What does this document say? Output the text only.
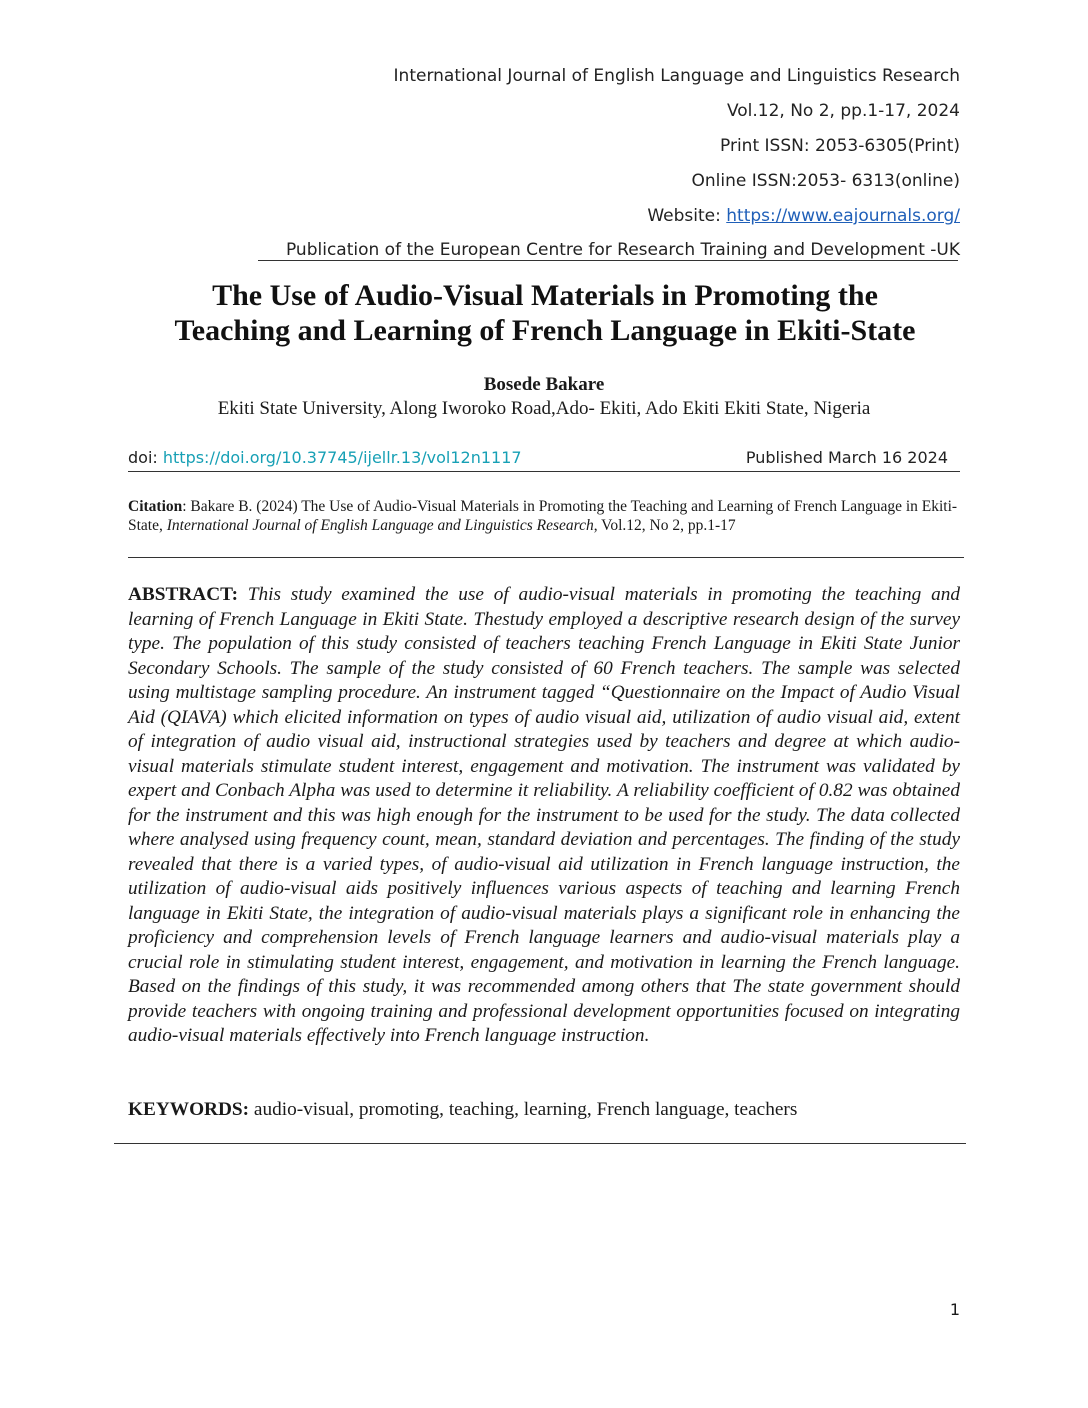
International Journal of English Language and Linguistics Research
Vol.12, No 2, pp.1-17, 2024
Print ISSN: 2053-6305(Print)
Online ISSN:2053- 6313(online)
Website: https://www.eajournals.org/
Publication of the European Centre for Research Training and Development -UK
The Use of Audio-Visual Materials in Promoting the
Teaching and Learning of French Language in Ekiti-State
Bosede Bakare
Ekiti State University, Along Iworoko Road,Ado- Ekiti, Ado Ekiti Ekiti State, Nigeria
doi: https://doi.org/10.37745/ijellr.13/vol12n1117	Published March 16 2024
Citation: Bakare B. (2024) The Use of Audio-Visual Materials in Promoting the Teaching and Learning of French Language in Ekiti-State, International Journal of English Language and Linguistics Research, Vol.12, No 2, pp.1-17
ABSTRACT: This study examined the use of audio-visual materials in promoting the teaching and learning of French Language in Ekiti State. Thestudy employed a descriptive research design of the survey type. The population of this study consisted of teachers teaching French Language in Ekiti State Junior Secondary Schools. The sample of the study consisted of 60 French teachers. The sample was selected using multistage sampling procedure. An instrument tagged “Questionnaire on the Impact of Audio Visual Aid (QIAVA) which elicited information on types of audio visual aid, utilization of audio visual aid, extent of integration of audio visual aid, instructional strategies used by teachers and degree at which audio-visual materials stimulate student interest, engagement and motivation. The instrument was validated by expert and Conbach Alpha was used to determine it reliability. A reliability coefficient of 0.82 was obtained for the instrument and this was high enough for the instrument to be used for the study. The data collected where analysed using frequency count, mean, standard deviation and percentages. The finding of the study revealed that there is a varied types, of audio-visual aid utilization in French language instruction, the utilization of audio-visual aids positively influences various aspects of teaching and learning French language in Ekiti State, the integration of audio-visual materials plays a significant role in enhancing the proficiency and comprehension levels of French language learners and audio-visual materials play a crucial role in stimulating student interest, engagement, and motivation in learning the French language. Based on the findings of this study, it was recommended among others that The state government should provide teachers with ongoing training and professional development opportunities focused on integrating audio-visual materials effectively into French language instruction.
KEYWORDS: audio-visual, promoting, teaching, learning, French language, teachers
1
